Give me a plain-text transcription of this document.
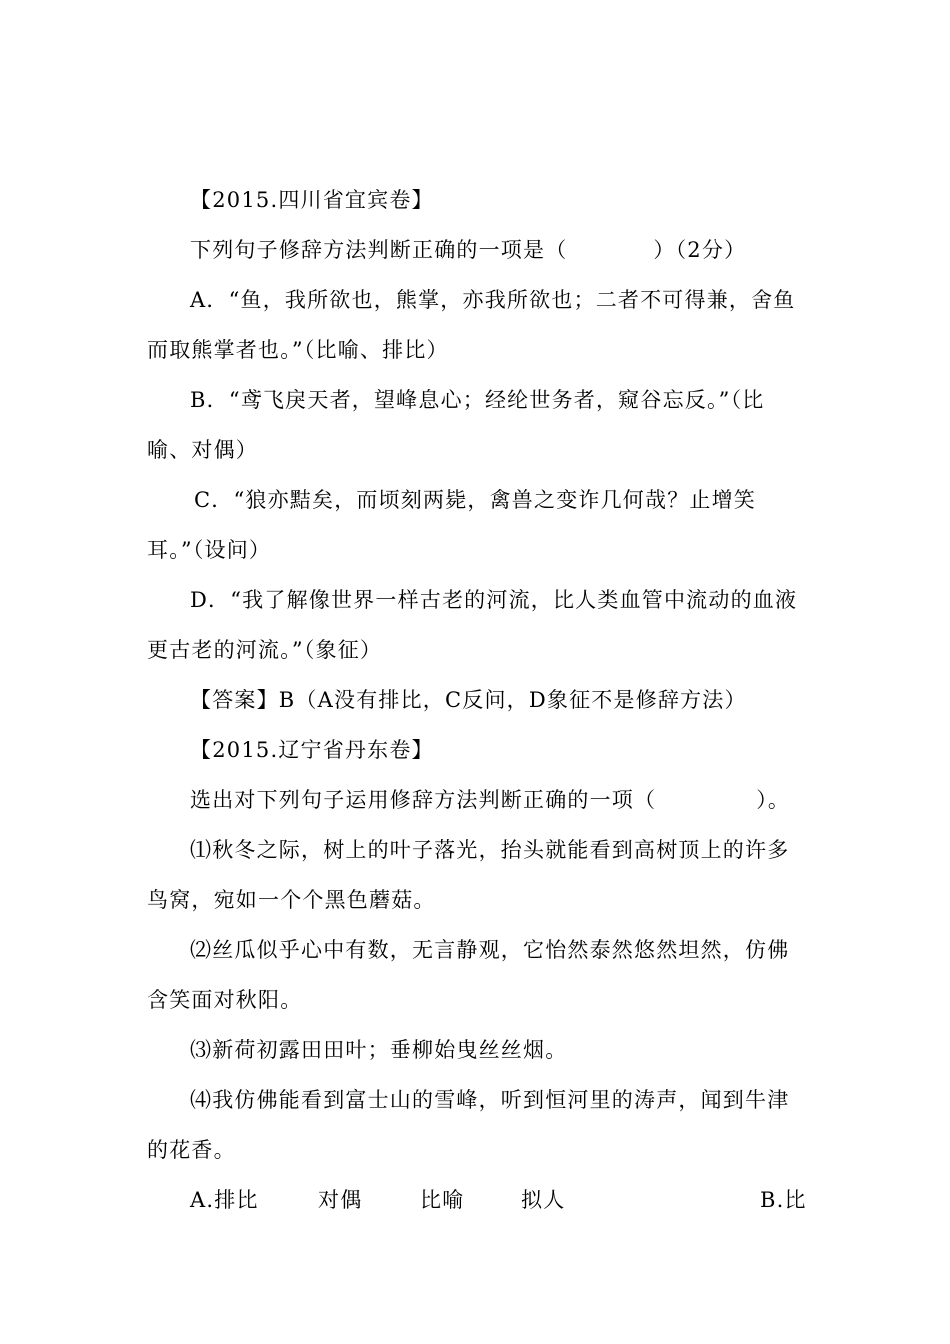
【2015.四川省宜宾卷】
下列句子修辞方法判断正确的一项是（	）（2分）
A．“鱼，我所欲也，熊掌，亦我所欲也；二者不可得兼，舍鱼
而取熊掌者也。”（比喻、排比）
B．“鸢飞戾天者，望峰息心；经纶世务者，窥谷忘反。”（比
喻、对偶）
C．“狼亦黠矣，而顷刻两毙，禽兽之变诈几何哉？止增笑
耳。”（设问）
D．“我了解像世界一样古老的河流，比人类血管中流动的血液
更古老的河流。”（象征）
【答案】B（A没有排比，C反问，D象征不是修辞方法）
【2015.辽宁省丹东卷】
选出对下列句子运用修辞方法判断正确的一项（	）。
⑴秋冬之际，树上的叶子落光，抬头就能看到高树顶上的许多
鸟窝，宛如一个个黑色蘑菇。
⑵丝瓜似乎心中有数，无言静观，它怡然泰然悠然坦然，仿佛
含笑面对秋阳。
⑶新荷初露田田叶；垂柳始曳丝丝烟。
⑷我仿佛能看到富士山的雪峰，听到恒河里的涛声，闻到牛津
的花香。
A.排比	对偶	比喻	拟人	B.比
